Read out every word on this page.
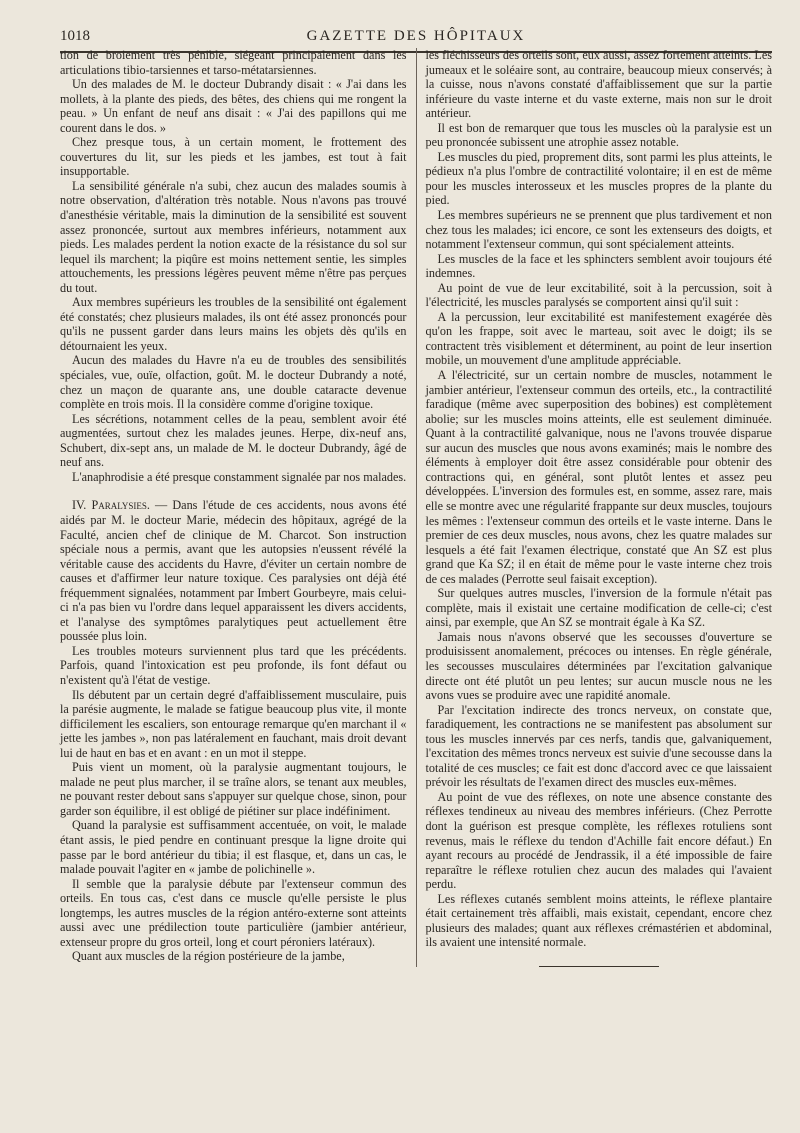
1018	GAZETTE DES HÔPITAUX

tion de broiement très pénible, siégeant principalement dans les articulations tibio-tarsiennes et tarso-métatarsiennes.

Un des malades de M. le docteur Dubrandy disait : « J'ai dans les mollets, à la plante des pieds, des bêtes, des chiens qui me rongent la peau. » Un enfant de neuf ans disait : « J'ai des papillons qui me courent dans le dos. »

Chez presque tous, à un certain moment, le frottement des couvertures du lit, sur les pieds et les jambes, est tout à fait insupportable.

La sensibilité générale n'a subi, chez aucun des malades soumis à notre observation, d'altération très notable. Nous n'avons pas trouvé d'anesthésie véritable, mais la diminution de la sensibilité est souvent assez prononcée, surtout aux membres inférieurs, notamment aux pieds. Les malades perdent la notion exacte de la résistance du sol sur lequel ils marchent; la piqûre est moins nettement sentie, les simples attouchements, les pressions légères peuvent même n'être pas perçues du tout.

Aux membres supérieurs les troubles de la sensibilité ont également été constatés; chez plusieurs malades, ils ont été assez prononcés pour qu'ils ne pussent garder dans leurs mains les objets dès qu'ils en détournaient les yeux.

Aucun des malades du Havre n'a eu de troubles des sensibilités spéciales, vue, ouïe, olfaction, goût. M. le docteur Dubrandy a noté, chez un maçon de quarante ans, une double cataracte devenue complète en trois mois. Il la considère comme d'origine toxique.

Les sécrétions, notamment celles de la peau, semblent avoir été augmentées, surtout chez les malades jeunes. Herpe, dix-neuf ans, Schubert, dix-sept ans, un malade de M. le docteur Dubrandy, âgé de neuf ans.

L'anaphrodisie a été presque constamment signalée par nos malades.

IV. Paralysies. — Dans l'étude de ces accidents, nous avons été aidés par M. le docteur Marie, médecin des hôpitaux, agrégé de la Faculté, ancien chef de clinique de M. Charcot. Son instruction spéciale nous a permis, avant que les autopsies n'eussent révélé la véritable cause des accidents du Havre, d'éviter un certain nombre de causes et d'affirmer leur nature toxique. Ces paralysies ont déjà été fréquemment signalées, notamment par Imbert Gourbeyre, mais celui-ci n'a pas bien vu l'ordre dans lequel apparaissent les divers accidents, et l'analyse des symptômes paralytiques peut actuellement être poussée plus loin.

Les troubles moteurs surviennent plus tard que les précédents. Parfois, quand l'intoxication est peu profonde, ils font défaut ou n'existent qu'à l'état de vestige.

Ils débutent par un certain degré d'affaiblissement musculaire, puis la parésie augmente, le malade se fatigue beaucoup plus vite, il monte difficilement les escaliers, son entourage remarque qu'en marchant il « jette les jambes », non pas latéralement en fauchant, mais droit devant lui de haut en bas et en avant : en un mot il steppe.

Puis vient un moment, où la paralysie augmentant toujours, le malade ne peut plus marcher, il se traîne alors, se tenant aux meubles, ne pouvant rester debout sans s'appuyer sur quelque chose, sinon, pour garder son équilibre, il est obligé de piétiner sur place indéfiniment.

Quand la paralysie est suffisamment accentuée, on voit, le malade étant assis, le pied pendre en continuant presque la ligne droite qui passe par le bord antérieur du tibia; il est flasque, et, dans un cas, le malade pouvait l'agiter en « jambe de polichinelle ».

Il semble que la paralysie débute par l'extenseur commun des orteils. En tous cas, c'est dans ce muscle qu'elle persiste le plus longtemps, les autres muscles de la région antéro-externe sont atteints aussi avec une prédilection toute particulière (jambier antérieur, extenseur propre du gros orteil, long et court péroniers latéraux).

Quant aux muscles de la région postérieure de la jambe,

les fléchisseurs des orteils sont, eux aussi, assez fortement atteints. Les jumeaux et le soléaire sont, au contraire, beaucoup mieux conservés; à la cuisse, nous n'avons constaté d'affaiblissement que sur la partie inférieure du vaste interne et du vaste externe, mais non sur le droit antérieur.

Il est bon de remarquer que tous les muscles où la paralysie est un peu prononcée subissent une atrophie assez notable.

Les muscles du pied, proprement dits, sont parmi les plus atteints, le pédieux n'a plus l'ombre de contractilité volontaire; il en est de même pour les muscles interosseux et les muscles propres de la plante du pied.

Les membres supérieurs ne se prennent que plus tardivement et non chez tous les malades; ici encore, ce sont les extenseurs des doigts, et notamment l'extenseur commun, qui sont spécialement atteints.

Les muscles de la face et les sphincters semblent avoir toujours été indemnes.

Au point de vue de leur excitabilité, soit à la percussion, soit à l'électricité, les muscles paralysés se comportent ainsi qu'il suit :

A la percussion, leur excitabilité est manifestement exagérée dès qu'on les frappe, soit avec le marteau, soit avec le doigt; ils se contractent très visiblement et déterminent, au point de leur insertion mobile, un mouvement d'une amplitude appréciable.

A l'électricité, sur un certain nombre de muscles, notamment le jambier antérieur, l'extenseur commun des orteils, etc., la contractilité faradique (même avec superposition des bobines) est complètement abolie; sur les muscles moins atteints, elle est seulement diminuée. Quant à la contractilité galvanique, nous ne l'avons trouvée disparue sur aucun des muscles que nous avons examinés; mais le nombre des éléments à employer doit être assez considérable pour obtenir des contractions qui, en général, sont plutôt lentes et assez peu développées. L'inversion des formules est, en somme, assez rare, mais elle se montre avec une régularité frappante sur deux muscles, toujours les mêmes : l'extenseur commun des orteils et le vaste interne. Dans le premier de ces deux muscles, nous avons, chez les quatre malades sur lesquels a été fait l'examen électrique, constaté que An SZ est plus grand que Ka SZ; il en était de même pour le vaste interne chez trois de ces malades (Perrotte seul faisait exception).

Sur quelques autres muscles, l'inversion de la formule n'était pas complète, mais il existait une certaine modification de celle-ci; c'est ainsi, par exemple, que An SZ se montrait égale à Ka SZ.

Jamais nous n'avons observé que les secousses d'ouverture se produisissent anomalement, précoces ou intenses. En règle générale, les secousses musculaires déterminées par l'excitation galvanique directe ont été plutôt un peu lentes; sur aucun muscle nous ne les avons vues se produire avec une rapidité anomale.

Par l'excitation indirecte des troncs nerveux, on constate que, faradiquement, les contractions ne se manifestent pas absolument sur tous les muscles innervés par ces nerfs, tandis que, galvaniquement, l'excitation des mêmes troncs nerveux est suivie d'une secousse dans la totalité de ces muscles; ce fait est donc d'accord avec ce que laissaient prévoir les résultats de l'examen direct des muscles eux-mêmes.

Au point de vue des réflexes, on note une absence constante des réflexes tendineux au niveau des membres inférieurs. (Chez Perrotte dont la guérison est presque complète, les réflexes rotuliens sont revenus, mais le réflexe du tendon d'Achille fait encore défaut.) En ayant recours au procédé de Jendrassik, il a été impossible de faire reparaître le réflexe rotulien chez aucun des malades qui l'avaient perdu.

Les réflexes cutanés semblent moins atteints, le réflexe plantaire était certainement très affaibli, mais existait, cependant, encore chez plusieurs des malades; quant aux réflexes crémastérien et abdominal, ils avaient une intensité normale.
